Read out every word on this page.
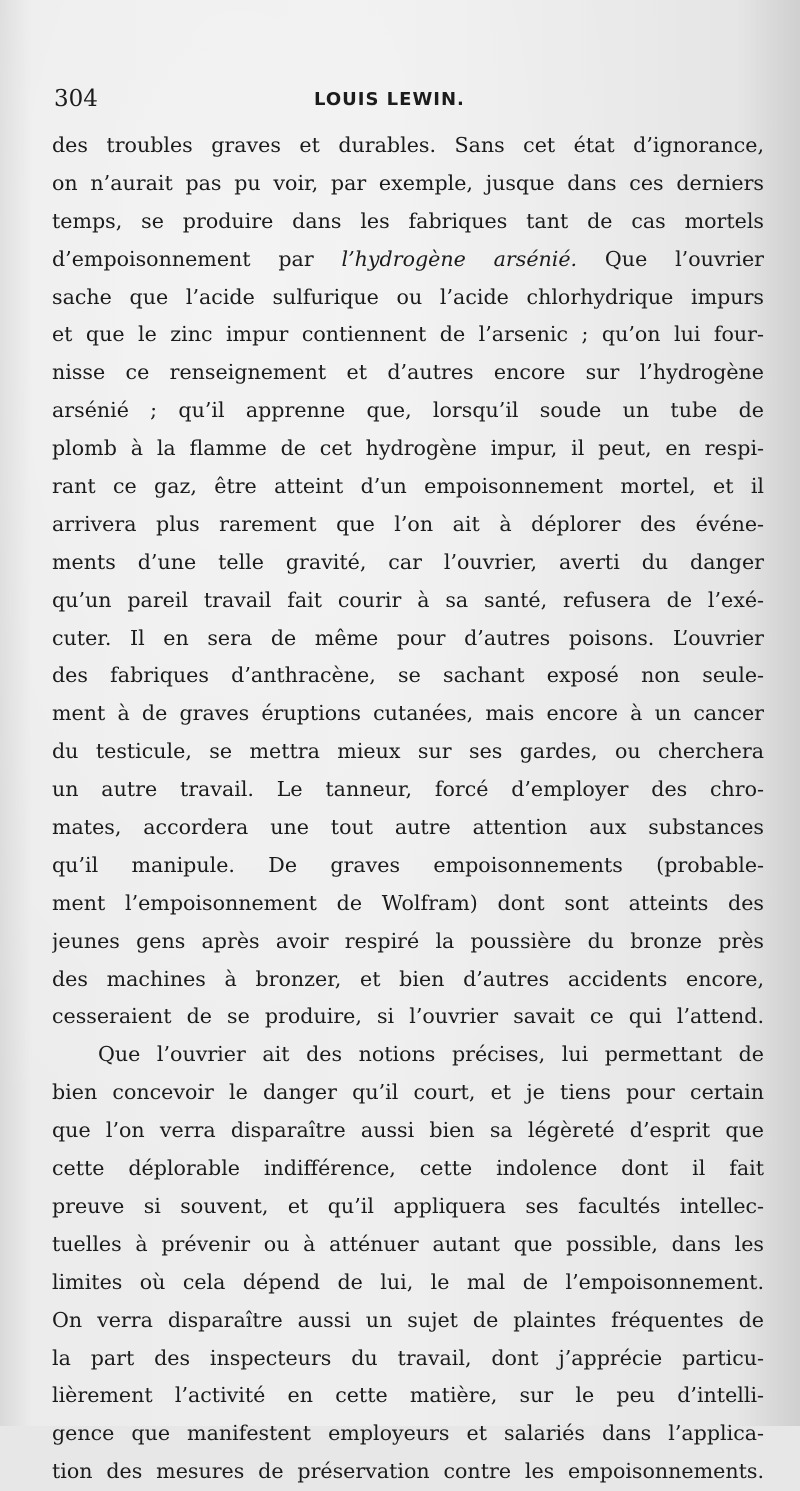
304	LOUIS LEWIN.
des troubles graves et durables. Sans cet état d’ignorance,
on n’aurait pas pu voir, par exemple, jusque dans ces derniers
temps, se produire dans les fabriques tant de cas mortels
d’empoisonnement par l’hydrogène arsénié. Que l’ouvrier
sache que l’acide sulfurique ou l’acide chlorhydrique impurs
et que le zinc impur contiennent de l’arsenic ; qu’on lui four-
nisse ce renseignement et d’autres encore sur l’hydrogène
arsénié ; qu’il apprenne que, lorsqu’il soude un tube de
plomb à la flamme de cet hydrogène impur, il peut, en respi-
rant ce gaz, être atteint d’un empoisonnement mortel, et il
arrivera plus rarement que l’on ait à déplorer des événe-
ments d’une telle gravité, car l’ouvrier, averti du danger
qu’un pareil travail fait courir à sa santé, refusera de l’exé-
cuter. Il en sera de même pour d’autres poisons. L’ouvrier
des fabriques d’anthracène, se sachant exposé non seule-
ment à de graves éruptions cutanées, mais encore à un cancer
du testicule, se mettra mieux sur ses gardes, ou cherchera
un autre travail. Le tanneur, forcé d’employer des chro-
mates, accordera une tout autre attention aux substances
qu’il manipule. De graves empoisonnements (probable-
ment l’empoisonnement de Wolfram) dont sont atteints des
jeunes gens après avoir respiré la poussière du bronze près
des machines à bronzer, et bien d’autres accidents encore,
cesseraient de se produire, si l’ouvrier savait ce qui l’attend.
Que l’ouvrier ait des notions précises, lui permettant de
bien concevoir le danger qu’il court, et je tiens pour certain
que l’on verra disparaître aussi bien sa légèreté d’esprit que
cette déplorable indifférence, cette indolence dont il fait
preuve si souvent, et qu’il appliquera ses facultés intellec-
tuelles à prévenir ou à atténuer autant que possible, dans les
limites où cela dépend de lui, le mal de l’empoisonnement.
On verra disparaître aussi un sujet de plaintes fréquentes de
la part des inspecteurs du travail, dont j’apprécie particu-
lièrement l’activité en cette matière, sur le peu d’intelli-
gence que manifestent employeurs et salariés dans l’applica-
tion des mesures de préservation contre les empoisonnements.
